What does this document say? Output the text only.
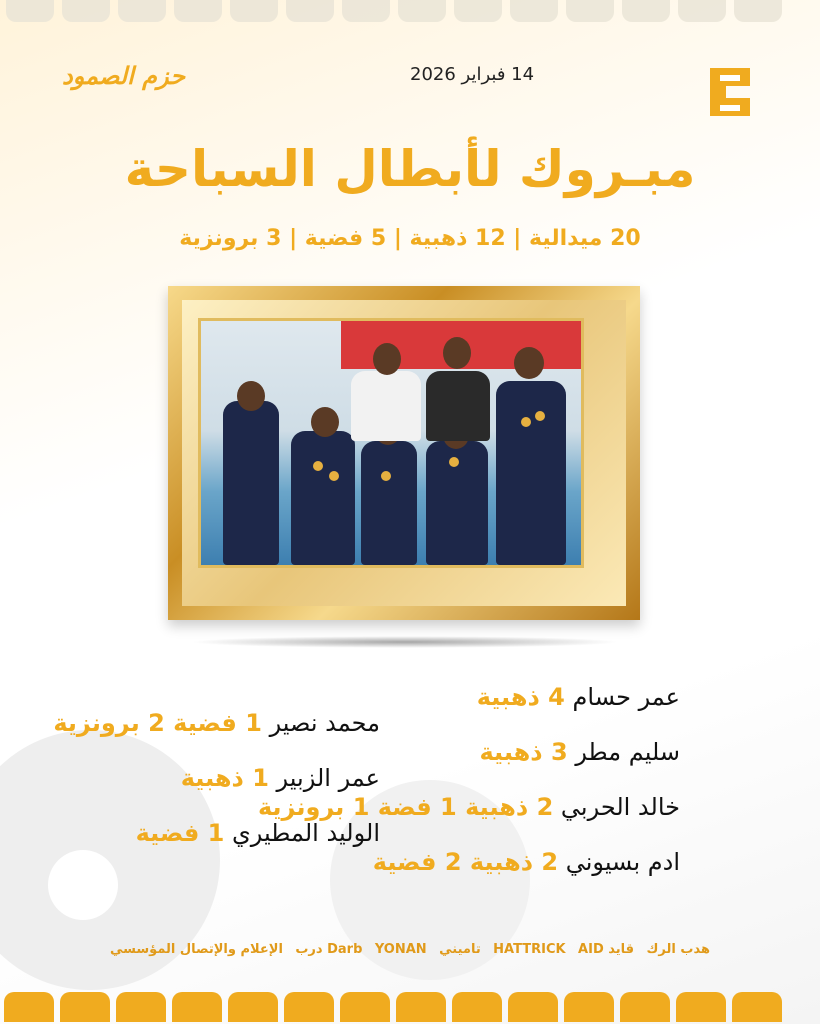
حزم الصمود	14 فبراير 2026
مبـروك لأبطال السباحة
20 ميدالية | 12 ذهبية | 5 فضية | 3 برونزية
عمر حسام 4 ذهبية
سليم مطر 3 ذهبية
خالد الحربي 2 ذهبية 1 فضة 1 برونزية
ادم بسيوني 2 ذهبية 2 فضية
محمد نصير 1 فضية 2 برونزية
عمر الزبير 1 ذهبية
الوليد المطيري 1 فضية
هدب الرك
قايد AID
HATTRICK
تاميني
YONAN
Darb درب
الإعلام والإتصال المؤسسي
